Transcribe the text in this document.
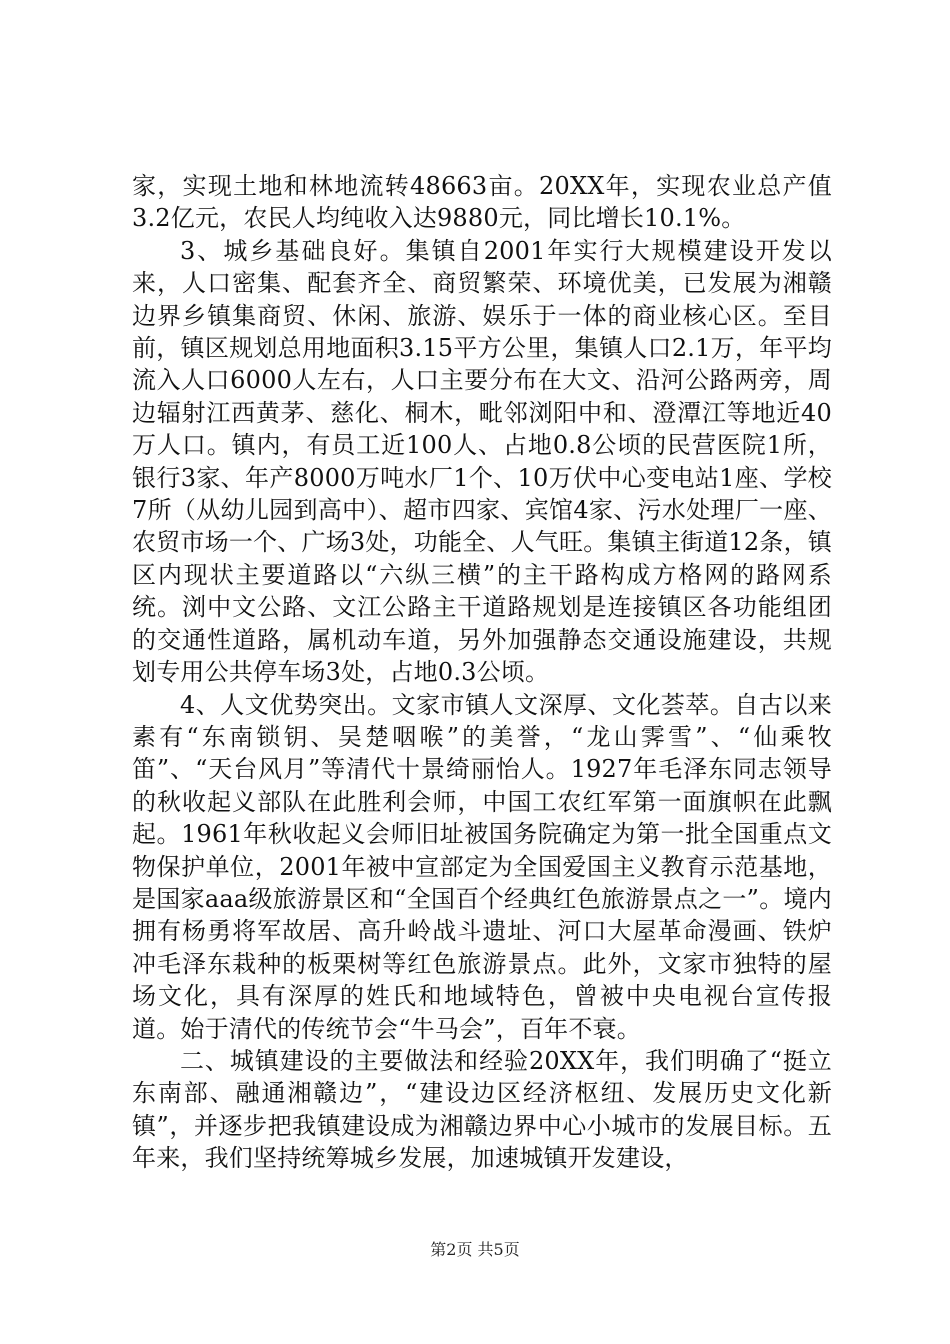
家，实现土地和林地流转48663亩。20XX年，实现农业总产值3.2亿元，农民人均纯收入达9880元，同比增长10.1%。

3、城乡基础良好。集镇自2001年实行大规模建设开发以来，人口密集、配套齐全、商贸繁荣、环境优美，已发展为湘赣边界乡镇集商贸、休闲、旅游、娱乐于一体的商业核心区。至目前，镇区规划总用地面积3.15平方公里，集镇人口2.1万，年平均流入人口6000人左右，人口主要分布在大文、沿河公路两旁，周边辐射江西黄茅、慈化、桐木，毗邻浏阳中和、澄潭江等地近40万人口。镇内，有员工近100人、占地0.8公顷的民营医院1所，银行3家、年产8000万吨水厂1个、10万伏中心变电站1座、学校7所（从幼儿园到高中）、超市四家、宾馆4家、污水处理厂一座、农贸市场一个、广场3处，功能全、人气旺。集镇主街道12条，镇区内现状主要道路以“六纵三横”的主干路构成方格网的路网系统。浏中文公路、文江公路主干道路规划是连接镇区各功能组团的交通性道路，属机动车道，另外加强静态交通设施建设，共规划专用公共停车场3处，占地0.3公顷。

4、人文优势突出。文家市镇人文深厚、文化荟萃。自古以来素有“东南锁钥、吴楚咽喉”的美誉，“龙山霁雪”、“仙乘牧笛”、“天台风月”等清代十景绮丽怡人。1927年毛泽东同志领导的秋收起义部队在此胜利会师，中国工农红军第一面旗帜在此飘起。1961年秋收起义会师旧址被国务院确定为第一批全国重点文物保护单位，2001年被中宣部定为全国爱国主义教育示范基地，是国家aaa级旅游景区和“全国百个经典红色旅游景点之一”。境内拥有杨勇将军故居、高升岭战斗遗址、河口大屋革命漫画、铁炉冲毛泽东栽种的板栗树等红色旅游景点。此外，文家市独特的屋场文化，具有深厚的姓氏和地域特色，曾被中央电视台宣传报道。始于清代的传统节会“牛马会”，百年不衰。

二、城镇建设的主要做法和经验20XX年，我们明确了“挺立东南部、融通湘赣边”，“建设边区经济枢纽、发展历史文化新镇”，并逐步把我镇建设成为湘赣边界中心小城市的发展目标。五年来，我们坚持统筹城乡发展，加速城镇开发建设，

第2页 共5页
